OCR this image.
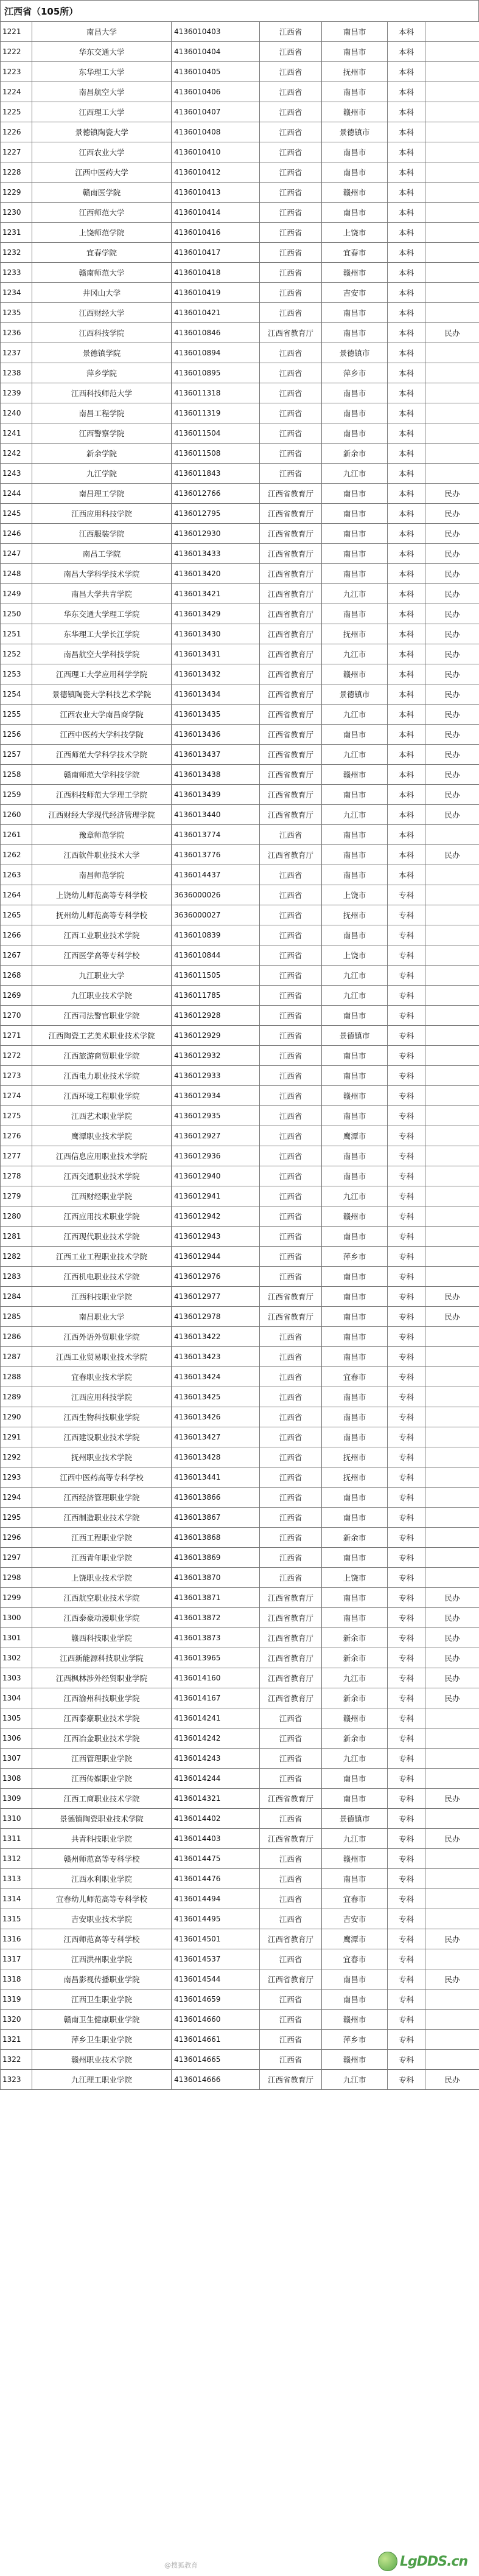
江西省（105所）
1221	南昌大学	4136010403	江西省	南昌市	本科	
1222	华东交通大学	4136010404	江西省	南昌市	本科	
1223	东华理工大学	4136010405	江西省	抚州市	本科	
1224	南昌航空大学	4136010406	江西省	南昌市	本科	
1225	江西理工大学	4136010407	江西省	赣州市	本科	
1226	景德镇陶瓷大学	4136010408	江西省	景德镇市	本科	
1227	江西农业大学	4136010410	江西省	南昌市	本科	
1228	江西中医药大学	4136010412	江西省	南昌市	本科	
1229	赣南医学院	4136010413	江西省	赣州市	本科	
1230	江西师范大学	4136010414	江西省	南昌市	本科	
1231	上饶师范学院	4136010416	江西省	上饶市	本科	
1232	宜春学院	4136010417	江西省	宜春市	本科	
1233	赣南师范大学	4136010418	江西省	赣州市	本科	
1234	井冈山大学	4136010419	江西省	吉安市	本科	
1235	江西财经大学	4136010421	江西省	南昌市	本科	
1236	江西科技学院	4136010846	江西省教育厅	南昌市	本科	民办
1237	景德镇学院	4136010894	江西省	景德镇市	本科	
1238	萍乡学院	4136010895	江西省	萍乡市	本科	
1239	江西科技师范大学	4136011318	江西省	南昌市	本科	
1240	南昌工程学院	4136011319	江西省	南昌市	本科	
1241	江西警察学院	4136011504	江西省	南昌市	本科	
1242	新余学院	4136011508	江西省	新余市	本科	
1243	九江学院	4136011843	江西省	九江市	本科	
1244	南昌理工学院	4136012766	江西省教育厅	南昌市	本科	民办
1245	江西应用科技学院	4136012795	江西省教育厅	南昌市	本科	民办
1246	江西服装学院	4136012930	江西省教育厅	南昌市	本科	民办
1247	南昌工学院	4136013433	江西省教育厅	南昌市	本科	民办
1248	南昌大学科学技术学院	4136013420	江西省教育厅	南昌市	本科	民办
1249	南昌大学共青学院	4136013421	江西省教育厅	九江市	本科	民办
1250	华东交通大学理工学院	4136013429	江西省教育厅	南昌市	本科	民办
1251	东华理工大学长江学院	4136013430	江西省教育厅	抚州市	本科	民办
1252	南昌航空大学科技学院	4136013431	江西省教育厅	九江市	本科	民办
1253	江西理工大学应用科学学院	4136013432	江西省教育厅	赣州市	本科	民办
1254	景德镇陶瓷大学科技艺术学院	4136013434	江西省教育厅	景德镇市	本科	民办
1255	江西农业大学南昌商学院	4136013435	江西省教育厅	九江市	本科	民办
1256	江西中医药大学科技学院	4136013436	江西省教育厅	南昌市	本科	民办
1257	江西师范大学科学技术学院	4136013437	江西省教育厅	九江市	本科	民办
1258	赣南师范大学科技学院	4136013438	江西省教育厅	赣州市	本科	民办
1259	江西科技师范大学理工学院	4136013439	江西省教育厅	南昌市	本科	民办
1260	江西财经大学现代经济管理学院	4136013440	江西省教育厅	九江市	本科	民办
1261	豫章师范学院	4136013774	江西省	南昌市	本科	
1262	江西软件职业技术大学	4136013776	江西省教育厅	南昌市	本科	民办
1263	南昌师范学院	4136014437	江西省	南昌市	本科	
1264	上饶幼儿师范高等专科学校	3636000026	江西省	上饶市	专科	
1265	抚州幼儿师范高等专科学校	3636000027	江西省	抚州市	专科	
1266	江西工业职业技术学院	4136010839	江西省	南昌市	专科	
1267	江西医学高等专科学校	4136010844	江西省	上饶市	专科	
1268	九江职业大学	4136011505	江西省	九江市	专科	
1269	九江职业技术学院	4136011785	江西省	九江市	专科	
1270	江西司法警官职业学院	4136012928	江西省	南昌市	专科	
1271	江西陶瓷工艺美术职业技术学院	4136012929	江西省	景德镇市	专科	
1272	江西旅游商贸职业学院	4136012932	江西省	南昌市	专科	
1273	江西电力职业技术学院	4136012933	江西省	南昌市	专科	
1274	江西环境工程职业学院	4136012934	江西省	赣州市	专科	
1275	江西艺术职业学院	4136012935	江西省	南昌市	专科	
1276	鹰潭职业技术学院	4136012927	江西省	鹰潭市	专科	
1277	江西信息应用职业技术学院	4136012936	江西省	南昌市	专科	
1278	江西交通职业技术学院	4136012940	江西省	南昌市	专科	
1279	江西财经职业学院	4136012941	江西省	九江市	专科	
1280	江西应用技术职业学院	4136012942	江西省	赣州市	专科	
1281	江西现代职业技术学院	4136012943	江西省	南昌市	专科	
1282	江西工业工程职业技术学院	4136012944	江西省	萍乡市	专科	
1283	江西机电职业技术学院	4136012976	江西省	南昌市	专科	
1284	江西科技职业学院	4136012977	江西省教育厅	南昌市	专科	民办
1285	南昌职业大学	4136012978	江西省教育厅	南昌市	专科	民办
1286	江西外语外贸职业学院	4136013422	江西省	南昌市	专科	
1287	江西工业贸易职业技术学院	4136013423	江西省	南昌市	专科	
1288	宜春职业技术学院	4136013424	江西省	宜春市	专科	
1289	江西应用科技学院	4136013425	江西省	南昌市	专科	
1290	江西生物科技职业学院	4136013426	江西省	南昌市	专科	
1291	江西建设职业技术学院	4136013427	江西省	南昌市	专科	
1292	抚州职业技术学院	4136013428	江西省	抚州市	专科	
1293	江西中医药高等专科学校	4136013441	江西省	抚州市	专科	
1294	江西经济管理职业学院	4136013866	江西省	南昌市	专科	
1295	江西制造职业技术学院	4136013867	江西省	南昌市	专科	
1296	江西工程职业学院	4136013868	江西省	新余市	专科	
1297	江西青年职业学院	4136013869	江西省	南昌市	专科	
1298	上饶职业技术学院	4136013870	江西省	上饶市	专科	
1299	江西航空职业技术学院	4136013871	江西省教育厅	南昌市	专科	民办
1300	江西泰豪动漫职业学院	4136013872	江西省教育厅	南昌市	专科	民办
1301	赣西科技职业学院	4136013873	江西省教育厅	新余市	专科	民办
1302	江西新能源科技职业学院	4136013965	江西省教育厅	新余市	专科	民办
1303	江西枫林涉外经贸职业学院	4136014160	江西省教育厅	九江市	专科	民办
1304	江西渝州科技职业学院	4136014167	江西省教育厅	新余市	专科	民办
1305	江西泰豪职业技术学院	4136014241	江西省	赣州市	专科	
1306	江西冶金职业技术学院	4136014242	江西省	新余市	专科	
1307	江西管理职业学院	4136014243	江西省	九江市	专科	
1308	江西传媒职业学院	4136014244	江西省	南昌市	专科	
1309	江西工商职业技术学院	4136014321	江西省教育厅	南昌市	专科	民办
1310	景德镇陶瓷职业技术学院	4136014402	江西省	景德镇市	专科	
1311	共青科技职业学院	4136014403	江西省教育厅	九江市	专科	民办
1312	赣州师范高等专科学校	4136014475	江西省	赣州市	专科	
1313	江西水利职业学院	4136014476	江西省	南昌市	专科	
1314	宜春幼儿师范高等专科学校	4136014494	江西省	宜春市	专科	
1315	吉安职业技术学院	4136014495	江西省	吉安市	专科	
1316	江西师范高等专科学校	4136014501	江西省教育厅	鹰潭市	专科	民办
1317	江西洪州职业学院	4136014537	江西省	宜春市	专科	
1318	南昌影视传播职业学院	4136014544	江西省教育厅	南昌市	专科	民办
1319	江西卫生职业学院	4136014659	江西省	南昌市	专科	
1320	赣南卫生健康职业学院	4136014660	江西省	赣州市	专科	
1321	萍乡卫生职业学院	4136014661	江西省	萍乡市	专科	
1322	赣州职业技术学院	4136014665	江西省	赣州市	专科	
1323	九江理工职业学院	4136014666	江西省教育厅	九江市	专科	民办
LgDDS.cn
@搜狐教育
